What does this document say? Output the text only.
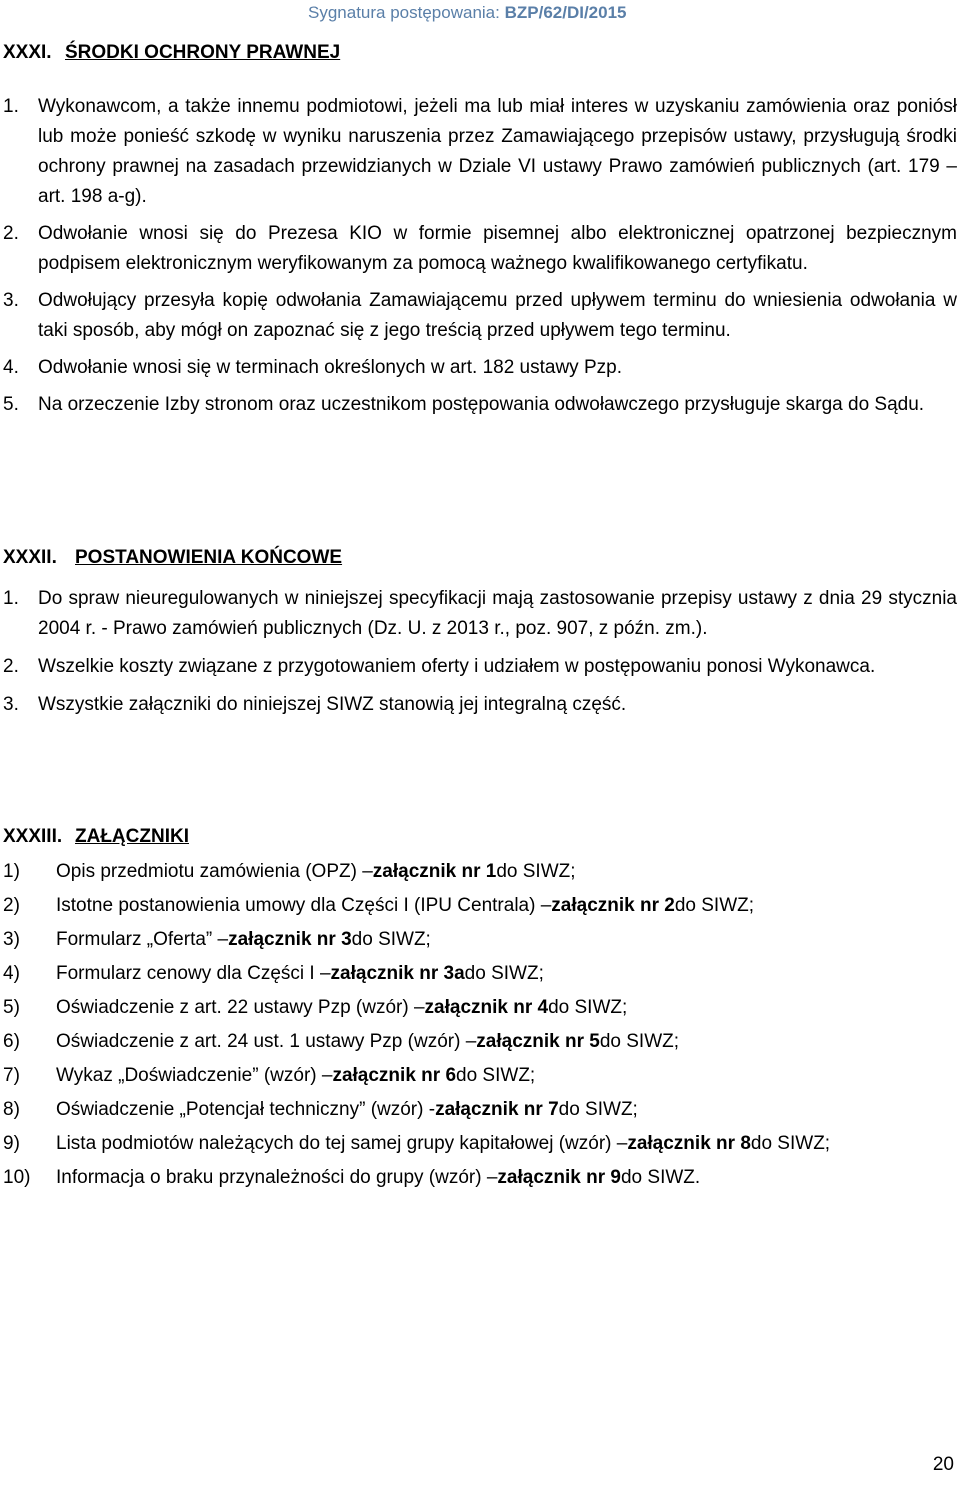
Sygnatura postępowania: BZP/62/DI/2015
XXXI. ŚRODKI OCHRONY PRAWNEJ
1.	Wykonawcom, a także innemu podmiotowi, jeżeli ma lub miał interes w uzyskaniu zamówienia oraz poniósł lub może ponieść szkodę w wyniku naruszenia przez Zamawiającego przepisów ustawy, przysługują środki ochrony prawnej na zasadach przewidzianych w Dziale VI ustawy Prawo zamówień publicznych (art. 179 – art. 198 a-g).
2.	Odwołanie wnosi się do Prezesa KIO w formie pisemnej albo elektronicznej opatrzonej bezpiecznym podpisem elektronicznym weryfikowanym za pomocą ważnego kwalifikowanego certyfikatu.
3.	Odwołujący przesyła kopię odwołania Zamawiającemu przed upływem terminu do wniesienia odwołania w taki sposób, aby mógł on zapoznać się z jego treścią przed upływem tego terminu.
4.	Odwołanie wnosi się w terminach określonych w art. 182 ustawy Pzp.
5.	Na orzeczenie Izby stronom oraz uczestnikom postępowania odwoławczego przysługuje skarga do Sądu.
XXXII. POSTANOWIENIA KOŃCOWE
1.	Do spraw nieuregulowanych w niniejszej specyfikacji mają zastosowanie przepisy ustawy z dnia 29 stycznia 2004 r. - Prawo zamówień publicznych (Dz. U. z 2013 r., poz. 907, z późn. zm.).
2.	Wszelkie koszty związane z przygotowaniem oferty i udziałem w postępowaniu ponosi Wykonawca.
3.	Wszystkie załączniki do niniejszej SIWZ stanowią jej integralną część.
XXXIII. ZAŁĄCZNIKI
1)	Opis przedmiotu zamówienia (OPZ) – załącznik nr 1 do SIWZ;
2)	Istotne postanowienia umowy dla Części I (IPU Centrala) – załącznik nr 2 do SIWZ;
3)	Formularz „Oferta” – załącznik nr 3 do SIWZ;
4)	Formularz cenowy dla Części I – załącznik nr 3a do SIWZ;
5)	Oświadczenie z art. 22 ustawy Pzp (wzór) – załącznik nr 4 do SIWZ;
6)	Oświadczenie z art. 24 ust. 1 ustawy Pzp (wzór) – załącznik nr 5 do SIWZ;
7)	Wykaz „Doświadczenie” (wzór) – załącznik nr 6 do SIWZ;
8)	Oświadczenie „Potencjał techniczny” (wzór) - załącznik nr 7 do SIWZ;
9)	Lista podmiotów należących do tej samej grupy kapitałowej (wzór) – załącznik nr 8 do SIWZ;
10)	Informacja o braku przynależności do grupy (wzór) – załącznik nr 9 do SIWZ.
20
